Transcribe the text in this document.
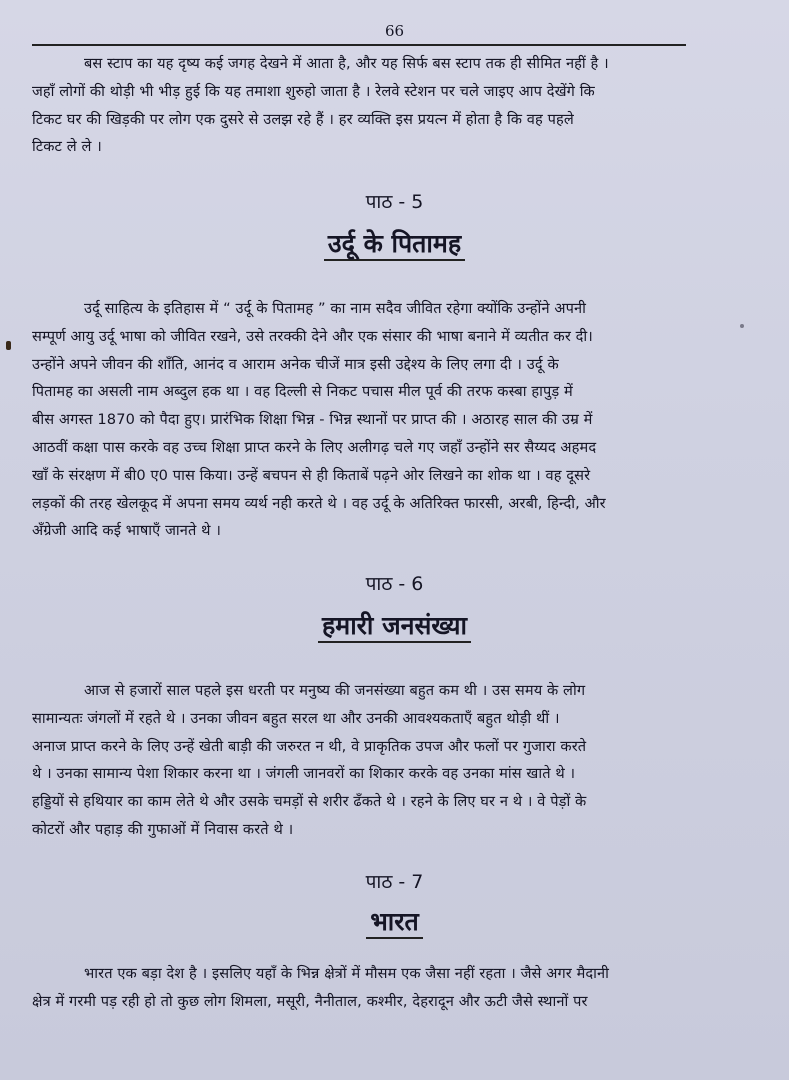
66
बस स्टाप का यह दृष्य कई जगह देखने में आता है, और यह सिर्फ बस स्टाप तक ही सीमित नहीं है ।
जहाँ लोगों की थोड़ी भी भीड़ हुई कि यह तमाशा शुरुहो जाता है । रेलवे स्टेशन पर चले जाइए आप देखेंगे कि
टिकट घर की खिड़की पर लोग एक दुसरे से उलझ रहे हैं । हर व्यक्ति इस प्रयत्न में होता है कि वह पहले
टिकट ले ले ।
पाठ - 5
उर्दू के पितामह
उर्दू साहित्य के इतिहास में “ उर्दू के पितामह ” का नाम सदैव जीवित रहेगा क्योंकि उन्होंने अपनी
सम्पूर्ण आयु उर्दू भाषा को जीवित रखने, उसे तरक्की देने और एक संसार की भाषा बनाने में व्यतीत कर दी।
उन्होंने अपने जीवन की शाँति, आनंद व आराम अनेक चीजें मात्र इसी उद्देश्य के लिए लगा दी । उर्दू के
पितामह का असली नाम अब्दुल हक था । वह दिल्ली से निकट पचास मील पूर्व की तरफ कस्बा हापुड़ में
बीस अगस्त 1870 को पैदा हुए। प्रारंभिक शिक्षा भिन्न - भिन्न स्थानों पर प्राप्त की । अठारह साल की उम्र में
आठवीं कक्षा पास करके वह उच्च शिक्षा प्राप्त करने के लिए अलीगढ़ चले गए जहाँ उन्होंने सर सैय्यद अहमद
खाँ के संरक्षण में बी0 ए0 पास किया। उन्हें बचपन से ही किताबें पढ़ने ओर लिखने का शोक था । वह दूसरे
लड़कों की तरह खेलकूद में अपना समय व्यर्थ नही करते थे । वह उर्दू के अतिरिक्त फारसी, अरबी, हिन्दी, और
अँग्रेजी आदि कई भाषाएँ जानते थे ।
पाठ - 6
हमारी जनसंख्या
आज से हजारों साल पहले इस धरती पर मनुष्य की जनसंख्या बहुत कम थी । उस समय के लोग
सामान्यतः जंगलों में रहते थे । उनका जीवन बहुत सरल था और उनकी आवश्यकताएँ बहुत थोड़ी थीं ।
अनाज प्राप्त करने के लिए उन्हें खेती बाड़ी की जरुरत न थी, वे प्राकृतिक उपज और फलों पर गुजारा करते
थे । उनका सामान्य पेशा शिकार करना था । जंगली जानवरों का शिकार करके वह उनका मांस खाते थे ।
हड्डियों से हथियार का काम लेते थे और उसके चमड़ों से शरीर ढँकते थे । रहने के लिए घर न थे । वे पेड़ों के
कोटरों और पहाड़ की गुफाओं में निवास करते थे ।
पाठ - 7
भारत
भारत एक बड़ा देश है । इसलिए यहाँ के भिन्न क्षेत्रों में मौसम एक जैसा नहीं रहता । जैसे अगर मैदानी
क्षेत्र में गरमी पड़ रही हो तो कुछ लोग शिमला, मसूरी, नैनीताल, कश्मीर, देहरादून और ऊटी जैसे स्थानों पर
